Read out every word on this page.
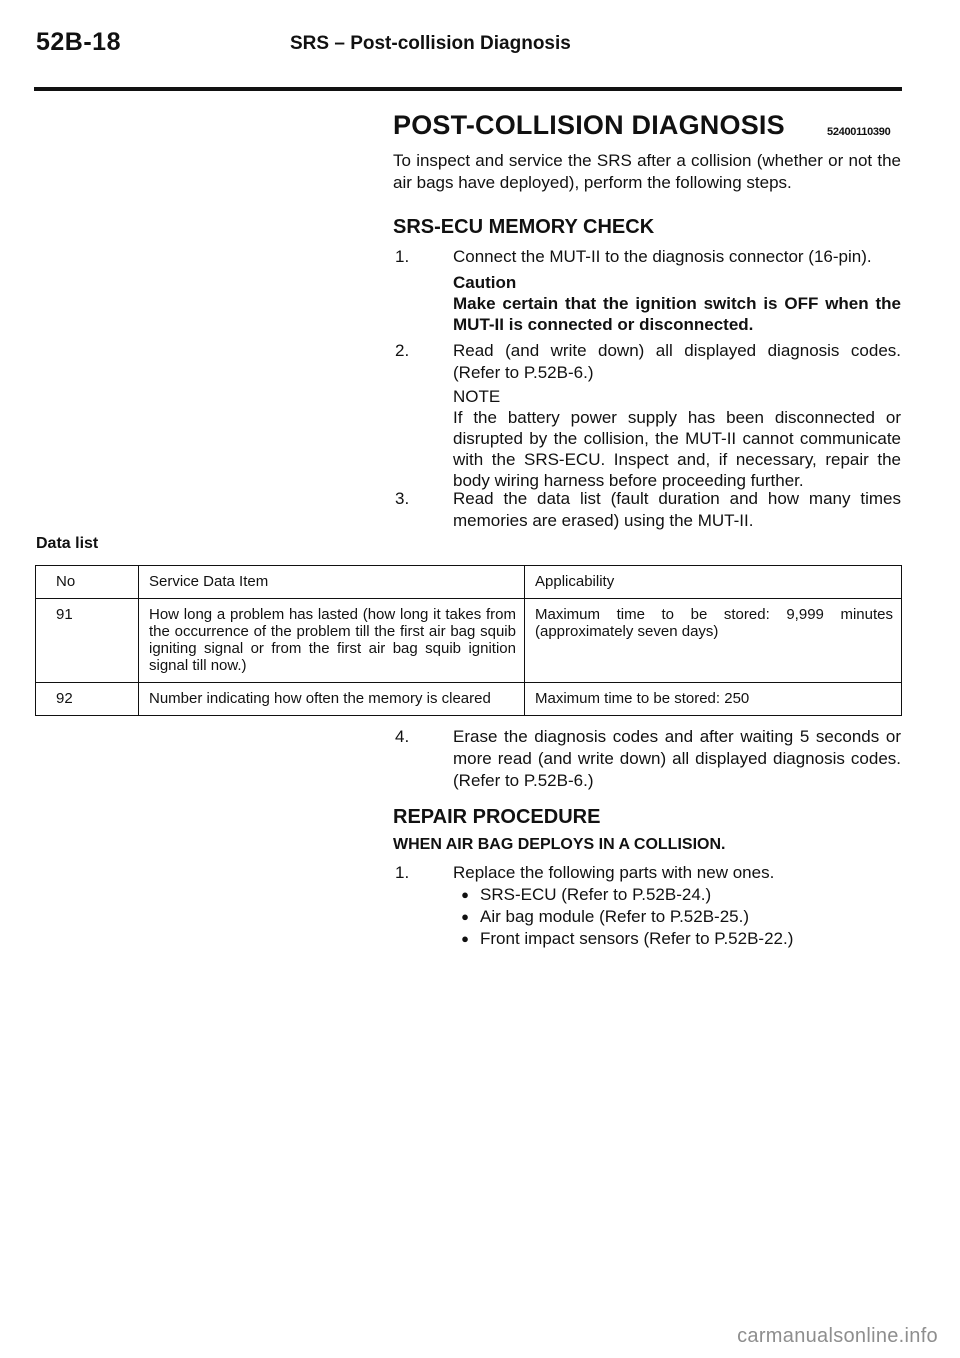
52B-18	SRS – Post-collision Diagnosis
POST-COLLISION DIAGNOSIS	52400110390

To inspect and service the SRS after a collision (whether or not the air bags have deployed), perform the following steps.

SRS-ECU MEMORY CHECK
1.	Connect the MUT-II to the diagnosis connector (16-pin).
Caution
Make certain that the ignition switch is OFF when the MUT-II is connected or disconnected.
2.	Read (and write down) all displayed diagnosis codes. (Refer to P.52B-6.)
NOTE
If the battery power supply has been disconnected or disrupted by the collision, the MUT-II cannot communicate with the SRS-ECU. Inspect and, if necessary, repair the body wiring harness before proceeding further.
3.	Read the data list (fault duration and how many times memories are erased) using the MUT-II.
Data list
No	Service Data Item	Applicability
91	How long a problem has lasted (how long it takes from the occurrence of the problem till the first air bag squib igniting signal or from the first air bag squib ignition signal till now.)	Maximum time to be stored: 9,999 minutes (approximately seven days)
92	Number indicating how often the memory is cleared	Maximum time to be stored: 250
4.	Erase the diagnosis codes and after waiting 5 seconds or more read (and write down) all displayed diagnosis codes. (Refer to P.52B-6.)
REPAIR PROCEDURE
WHEN AIR BAG DEPLOYS IN A COLLISION.
1.	Replace the following parts with new ones.
● SRS-ECU (Refer to P.52B-24.)
● Air bag module (Refer to P.52B-25.)
● Front impact sensors (Refer to P.52B-22.)
carmanualsonline.info
